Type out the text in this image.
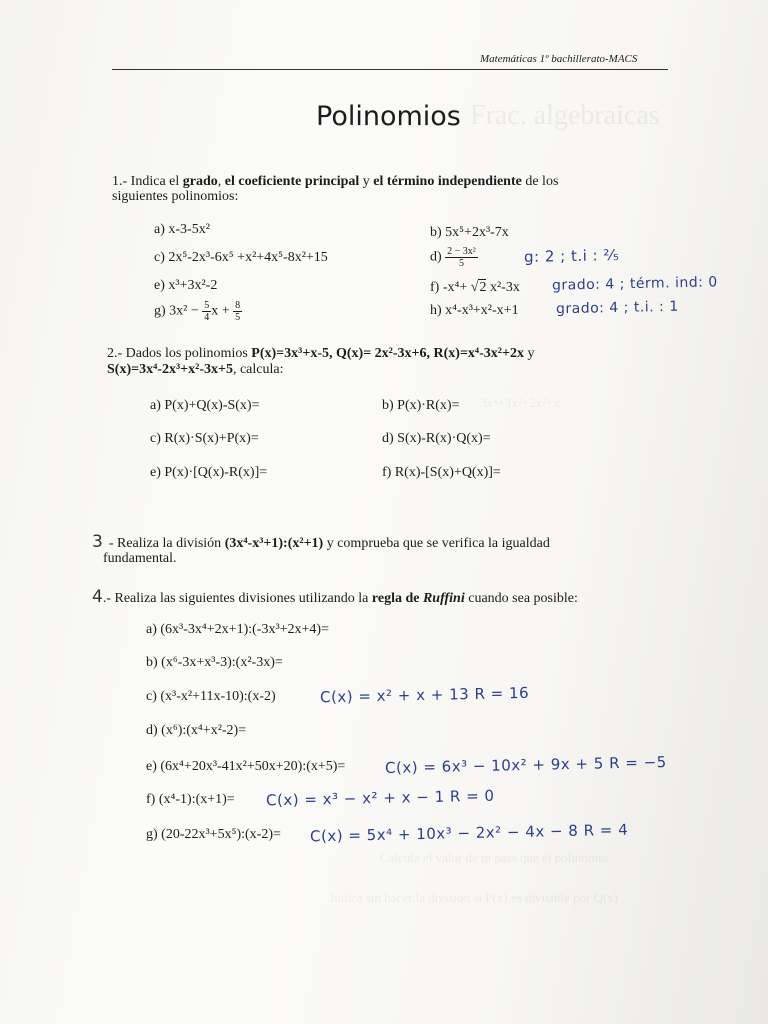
Frac. algebraicas
3x⁴+3x³+2x²+x
Matemáticas 1º bachillerato-MACS
Polinomios
1.- Indica el grado, el coeficiente principal y el término independiente de los
siguientes polinomios:
a) x-3-5x²	b) 5x⁵+2x³-7x
c) 2x⁵-2x³-6x⁵ +x²+4x⁵-8x²+15	$d) \frac{\text{2 − 3x²}}{5}$	g: 2 ; t.i : ²⁄₅
e) x³+3x²-2	f) -x⁴+ √2 x²-3x grado: 4 ; térm. ind: 0
g) $3x^2 - \frac{5}{4}$ $x + \frac{8}{5}$	h) x⁴-x³+x²-x+1	grado: 4 ; t.i. : 1
2.- Dados los polinomios P(x)=3x³+x-5, Q(x)= 2x²-3x+6, R(x)=x⁴-3x²+2x y
S(x)=3x⁴-2x³+x²-3x+5, calcula:
a) P(x)+Q(x)-S(x)=	b) P(x)·R(x)=
c) R(x)·S(x)+P(x)=	d) S(x)-R(x)·Q(x)=
e) P(x)·[Q(x)-R(x)]=	f) R(x)-[S(x)+Q(x)]=
3 - Realiza la división (3x⁴-x³+1):(x²+1) y comprueba que se verifica la igualdad
fundamental.
4.- Realiza las siguientes divisiones utilizando la regla de Ruffini cuando sea posible:
a) (6x³-3x⁴+2x+1):(-3x³+2x+4)=
b) (x⁶-3x+x³-3):(x²-3x)=
c) (x³-x²+11x-10):(x-2)	C(x) = x² + x + 13 R = 16
d) (x⁶):(x⁴+x²-2)=
e) (6x⁴+20x³-41x²+50x+20):(x+5)=	C(x) = 6x³ − 10x² + 9x + 5 R = −5
f) (x⁴-1):(x+1)= C(x) = x³ − x² + x − 1 R = 0
g) (20-22x³+5x⁵):(x-2)= C(x) = 5x⁴ + 10x³ − 2x² − 4x − 8 R = 4
Calcula el valor de m para que el polinomio
Indica sin hacer la división si P(x) es divisible por Q(x)
